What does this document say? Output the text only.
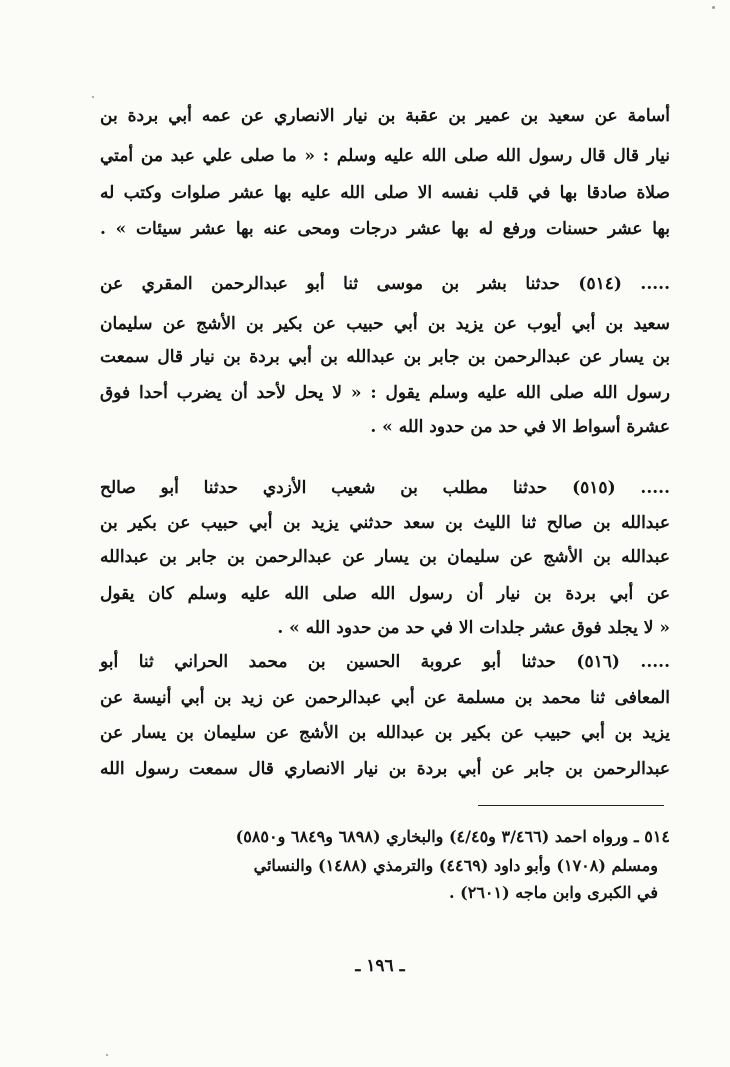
أسامة عن سعيد بن عمير بن عقبة بن نيار الانصاري عن عمه أبي بردة بن
نيار قال قال رسول الله صلى الله عليه وسلم : « ما صلى علي عبد من أمتي
صلاة صادقا بها في قلب نفسه الا صلى الله عليه بها عشر صلوات وكتب له
بها عشر حسنات ورفع له بها عشر درجات ومحى عنه بها عشر سيئات » .
..... (٥١٤) حدثنا بشر بن موسى ثنا أبو عبدالرحمن المقري عن
سعيد بن أبي أيوب عن يزيد بن أبي حبيب عن بكير بن الأشج عن سليمان
بن يسار عن عبدالرحمن بن جابر بن عبدالله بن أبي بردة بن نيار قال سمعت
رسول الله صلى الله عليه وسلم يقول : « لا يحل لأحد أن يضرب أحدا فوق
عشرة أسواط الا في حد من حدود الله » .
..... (٥١٥) حدثنا مطلب بن شعيب الأزدي حدثنا أبو صالح
عبدالله بن صالح ثنا الليث بن سعد حدثني يزيد بن أبي حبيب عن بكير بن
عبدالله بن الأشج عن سليمان بن يسار عن عبدالرحمن بن جابر بن عبدالله
عن أبي بردة بن نيار أن رسول الله صلى الله عليه وسلم كان يقول
« لا يجلد فوق عشر جلدات الا في حد من حدود الله » .
..... (٥١٦) حدثنا أبو عروبة الحسين بن محمد الحراني ثنا أبو
المعافى ثنا محمد بن مسلمة عن أبي عبدالرحمن عن زيد بن أبي أنيسة عن
يزيد بن أبي حبيب عن بكير بن عبدالله بن الأشج عن سليمان بن يسار عن
عبدالرحمن بن جابر عن أبي بردة بن نيار الانصاري قال سمعت رسول الله
٥١٤ ـ ورواه احمد (٣/٤٦٦ و٤/٤٥) والبخاري (٦٨٩٨ و٦٨٤٩ و٥٨٥٠)
ومسلم (١٧٠٨) وأبو داود (٤٤٦٩) والترمذي (١٤٨٨) والنسائي
في الكبرى وابن ماجه (٢٦٠١) .
ـ ١٩٦ ـ
